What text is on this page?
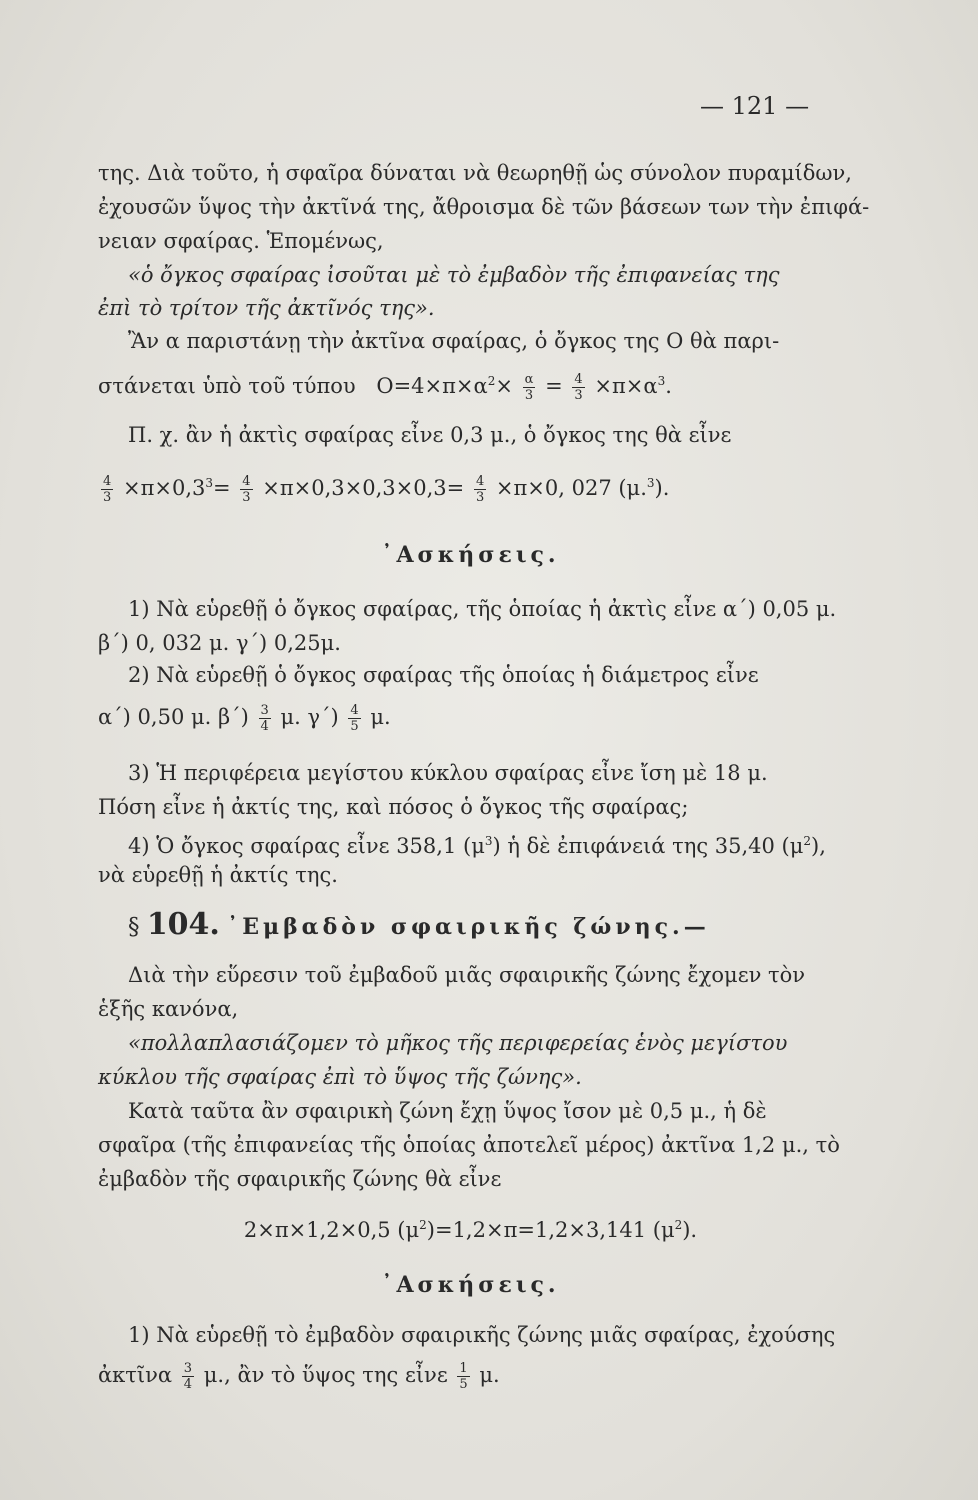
— 121 —
της. Διὰ τοῦτο, ἡ σφαῖρα δύναται νὰ θεωρηθῇ ὡς σύνολον πυραμίδων,
ἐχουσῶν ὕψος τὴν ἀκτῖνά της, ἄθροισμα δὲ τῶν βάσεων των τὴν ἐπιφά-
νειαν σφαίρας. Ἑπομένως,
«ὁ ὄγκος σφαίρας ἰσοῦται μὲ τὸ ἐμβαδὸν τῆς ἐπιφανείας της
ἐπὶ τὸ τρίτον τῆς ἀκτῖνός της».
Ἂν α παριστάνῃ τὴν ἀκτῖνα σφαίρας, ὁ ὄγκος της Ο θὰ παρι-
στάνεται ὑπὸ τοῦ τύπου $O=4\times\pi\times\alpha^2\times \frac{\alpha}{3} = \frac{4}{3} \times\pi\times\alpha^3$.
Π. χ. ἂν ἡ ἀκτὶς σφαίρας εἶνε 0,3 μ., ὁ ὄγκος της θὰ εἶνε
$\frac{4}{3} \times\pi\times 0,3^3= \frac{4}{3} \times\pi\times 0,3\times 0,3\times 0,3= \frac{4}{3} \times\pi\times 0$, 027 (μ.$^3$).
᾿Ασκήσεις.
1) Νὰ εὑρεθῇ ὁ ὄγκος σφαίρας, τῆς ὁποίας ἡ ἀκτὶς εἶνε α΄) 0,05 μ.
β΄) 0, 032 μ. γ΄) 0,25μ.
2) Νὰ εὑρεθῇ ὁ ὄγκος σφαίρας τῆς ὁποίας ἡ διάμετρος εἶνε
α΄) 0,50 μ. $\beta΄) \frac{3}{4} \mu$. $\gamma΄) \frac{4}{5} \mu$.
3) Ἡ περιφέρεια μεγίστου κύκλου σφαίρας εἶνε ἴση μὲ 18 μ.
Πόση εἶνε ἡ ἀκτίς της, καὶ πόσος ὁ ὄγκος τῆς σφαίρας;
4) Ὁ ὄγκος σφαίρας εἶνε 358,1 $(\mu^3)$ ἡ δὲ ἐπιφάνειά της 35,40 $(\mu^2)$,
νὰ εὑρεθῇ ἡ ἀκτίς της.
§ 104. ᾿Εμβαδὸν σφαιρικῆς ζώνης.—
Διὰ τὴν εὕρεσιν τοῦ ἐμβαδοῦ μιᾶς σφαιρικῆς ζώνης ἔχομεν τὸν
ἑξῆς κανόνα,
«πολλαπλασιάζομεν τὸ μῆκος τῆς περιφερείας ἑνὸς μεγίστου
κύκλου τῆς σφαίρας ἐπὶ τὸ ὕψος τῆς ζώνης».
Κατὰ ταῦτα ἂν σφαιρικὴ ζώνη ἔχῃ ὕψος ἴσον μὲ 0,5 μ., ἡ δὲ
σφαῖρα (τῆς ἐπιφανείας τῆς ὁποίας ἀποτελεῖ μέρος) ἀκτῖνα 1,2 μ., τὸ
ἐμβαδὸν τῆς σφαιρικῆς ζώνης θὰ εἶνε
2×π×1,2×0,5 $(\mu^2)=1,2\times\pi=1,2\times 3,141$ $(\mu^2)$.
᾿Ασκήσεις.
1) Νὰ εὑρεθῇ τὸ ἐμβαδὸν σφαιρικῆς ζώνης μιᾶς σφαίρας, ἐχούσης
ἀκτῖνα $\frac{3}{4} \mu$., ἂν τὸ ὕψος της εἶνε $\frac{1}{5} \mu$.
